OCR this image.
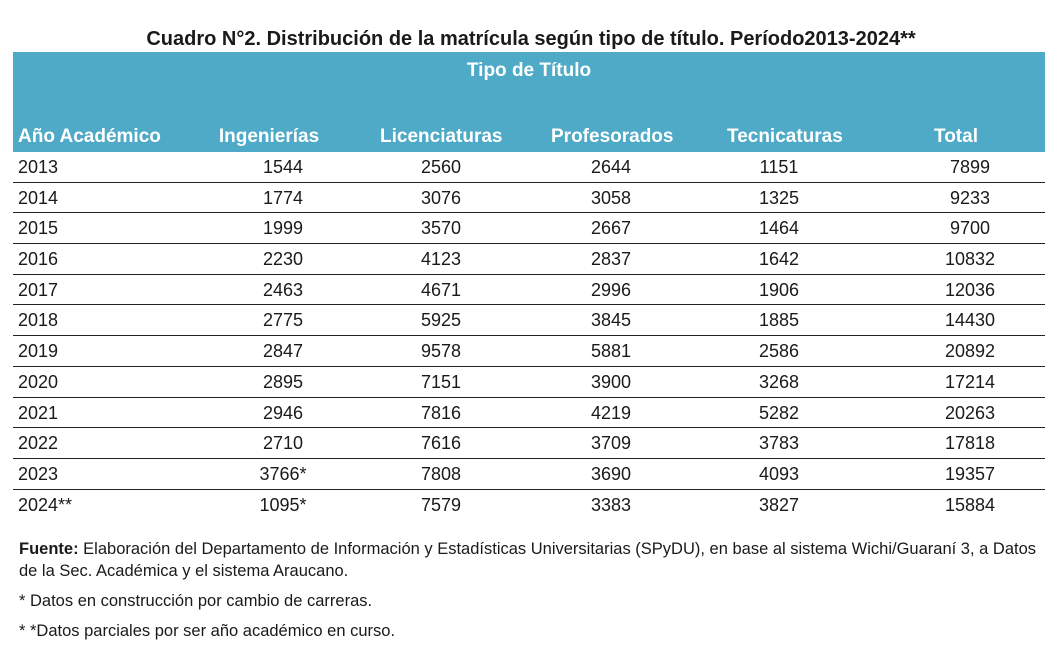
Cuadro N°2. Distribución de la matrícula según tipo de título. Período2013-2024**
Tipo de Título
Año Académico	Ingenierías	Licenciaturas	Profesorados	Tecnicaturas	Total
2013	1544	2560	2644	1151	7899
2014	1774	3076	3058	1325	9233
2015	1999	3570	2667	1464	9700
2016	2230	4123	2837	1642	10832
2017	2463	4671	2996	1906	12036
2018	2775	5925	3845	1885	14430
2019	2847	9578	5881	2586	20892
2020	2895	7151	3900	3268	17214
2021	2946	7816	4219	5282	20263
2022	2710	7616	3709	3783	17818
2023	3766*	7808	3690	4093	19357
2024**	1095*	7579	3383	3827	15884

Fuente: Elaboración del Departamento de Información y Estadísticas Universitarias (SPyDU), en base al sistema Wichi/Guaraní 3, a Datos de la Sec. Académica y el sistema Araucano.

* Datos en construcción por cambio de carreras.

* *Datos parciales por ser año académico en curso.
